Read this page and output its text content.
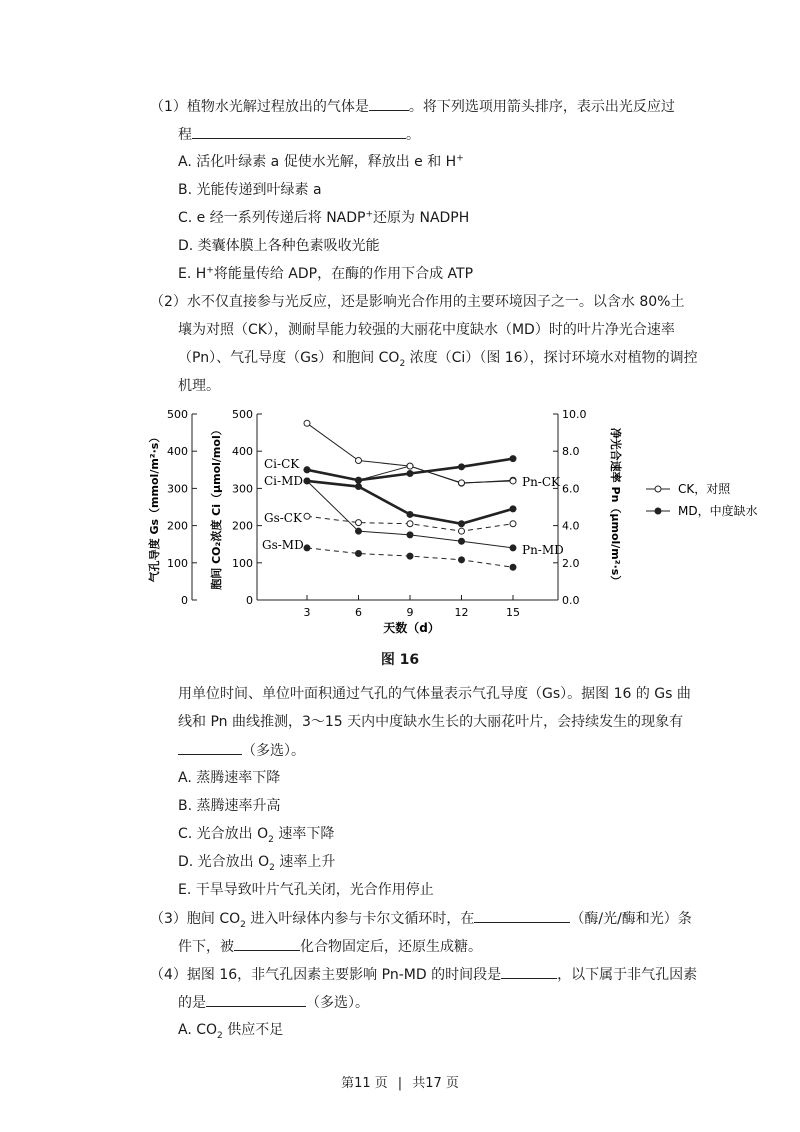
（1）植物水光解过程放出的气体是	。将下列选项用箭头排序，表示出光反应过
程	。
A. 活化叶绿素 a 促使水光解，释放出 e 和 H+
B. 光能传递到叶绿素 a
C. e 经一系列传递后将 NADP+还原为 NADPH
D. 类囊体膜上各种色素吸收光能
E. H+将能量传给 ADP，在酶的作用下合成 ATP
（2）水不仅直接参与光反应，还是影响光合作用的主要环境因子之一。以含水 80%土
壤为对照（CK），测耐旱能力较强的大丽花中度缺水（MD）时的叶片净光合速率
（Pn）、气孔导度（Gs）和胞间 $CO_2$ 浓度（Ci）（图 16），探讨环境水对植物的调控
机理。
0
100
200
300
400
500
气孔导度 Gs（mmol/m²·s）
0
100
200
300
400
500
胞间 CO₂浓度 Ci（μmol/mol）
0.0
2.0
4.0
6.0
8.0
10.0
净光合速率 Pn（μmol/m²·s）
3	6	9	12	15
天数（d）
Ci-CK
Ci-MD	Pn-CK
Pn-MD
Gs-CK
Gs-MD
CK，对照
MD，中度缺水
图 16
用单位时间、单位叶面积通过气孔的气体量表示气孔导度（Gs）。据图 16 的 Gs 曲
线和 Pn 曲线推测，3～15 天内中度缺水生长的大丽花叶片，会持续发生的现象有
（多选）。
A. 蒸腾速率下降
B. 蒸腾速率升高
C. 光合放出 $O_2$ 速率下降
D. 光合放出 $O_2$ 速率上升
E. 干旱导致叶片气孔关闭，光合作用停止
（3）胞间 $CO_2$ 进入叶绿体内参与卡尔文循环时，在	（酶/光/酶和光）条
件下，被	化合物固定后，还原生成糖。
（4）据图 16，非气孔因素主要影响 Pn-MD 的时间段是	，以下属于非气孔因素
的是	（多选）。
A. $CO_2$ 供应不足
第11 页 | 共17 页
